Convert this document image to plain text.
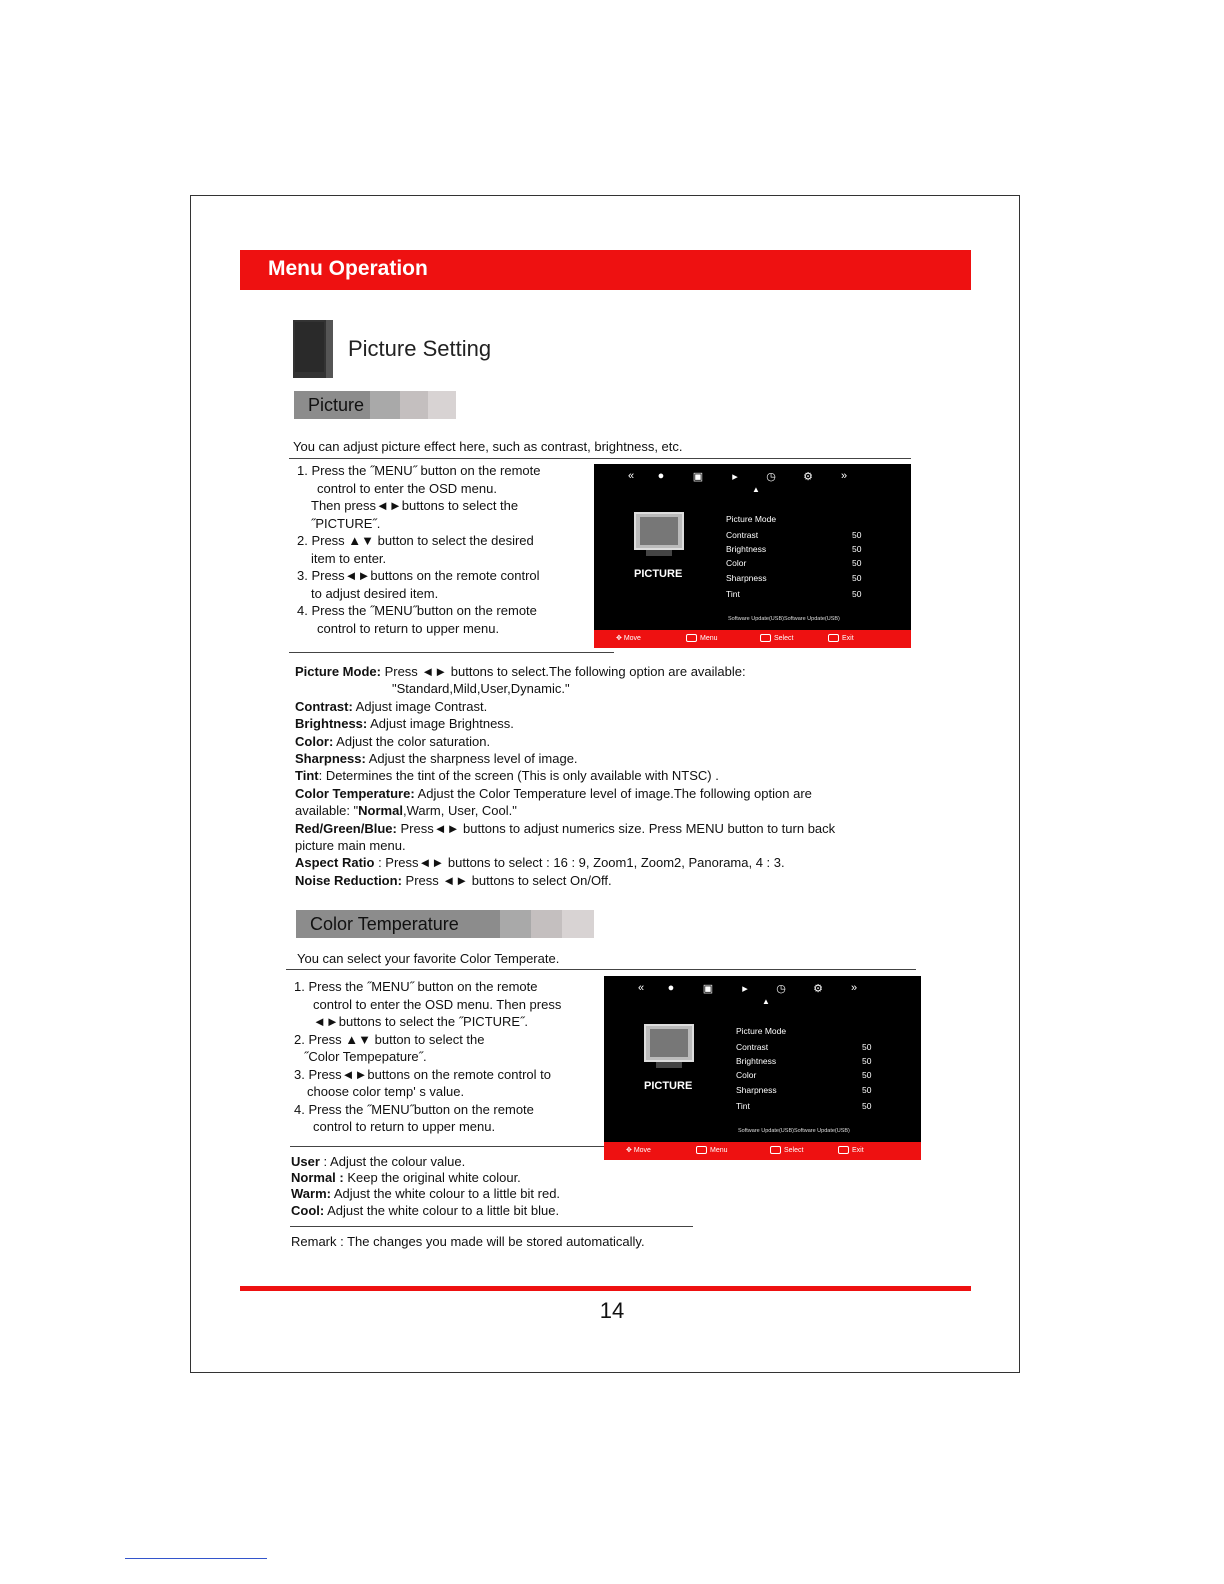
Menu Operation
Picture Setting
Picture
You can adjust picture effect here, such as contrast, brightness, etc.
1. Press the ˝MENU˝ button on the remote
control to enter the OSD menu.
Then press◄►buttons to select the
˝PICTURE˝.
2. Press ▲▼ button to select the desired
item to enter.
3. Press◄►buttons on the remote control
to adjust desired item.
4. Press the ˝MENU˝button on the remote
control to return to upper menu.
«	●	▣	▸	◷ ⚙	»
▲
PICTURE
Picture Mode
Contrast	50
Brightness	50
Color	50
Sharpness	50
Tint	50
Software Update(USB)Software Update(USB)
✥ Move	Menu	Select	Exit
Picture Mode: Press ◄► buttons to select.The following option are available:
"Standard,Mild,User,Dynamic."
Contrast: Adjust image Contrast.
Brightness: Adjust image Brightness.
Color: Adjust the color saturation.
Sharpness: Adjust the sharpness level of image.
Tint: Determines the tint of the screen (This is only available with NTSC) .
Color Temperature: Adjust the Color Temperature level of image.The following option are
available: "Normal,Warm, User, Cool."
Red/Green/Blue: Press◄► buttons to adjust numerics size. Press MENU button to turn back
picture main menu.
Aspect Ratio : Press◄► buttons to select : 16 : 9, Zoom1, Zoom2, Panorama, 4 : 3.
Noise Reduction: Press ◄► buttons to select On/Off.
Color Temperature
You can select your favorite Color Temperate.
1. Press the ˝MENU˝ button on the remote
control to enter the OSD menu. Then press
◄►buttons to select the ˝PICTURE˝.
2. Press ▲▼ button to select the
˝Color Tempepature˝.
3. Press◄►buttons on the remote control to
choose color temp' s value.
4. Press the ˝MENU˝button on the remote
control to return to upper menu.
«	●	▣	▸	◷ ⚙	»
▲
PICTURE
Picture Mode
Contrast	50
Brightness	50
Color	50
Sharpness	50
Tint	50
Software Update(USB)Software Update(USB)
✥ Move	Menu	Select	Exit
User : Adjust the colour value.
Normal : Keep the original white colour.
Warm: Adjust the white colour to a little bit red.
Cool: Adjust the white colour to a little bit blue.
Remark : The changes you made will be stored automatically.
14
